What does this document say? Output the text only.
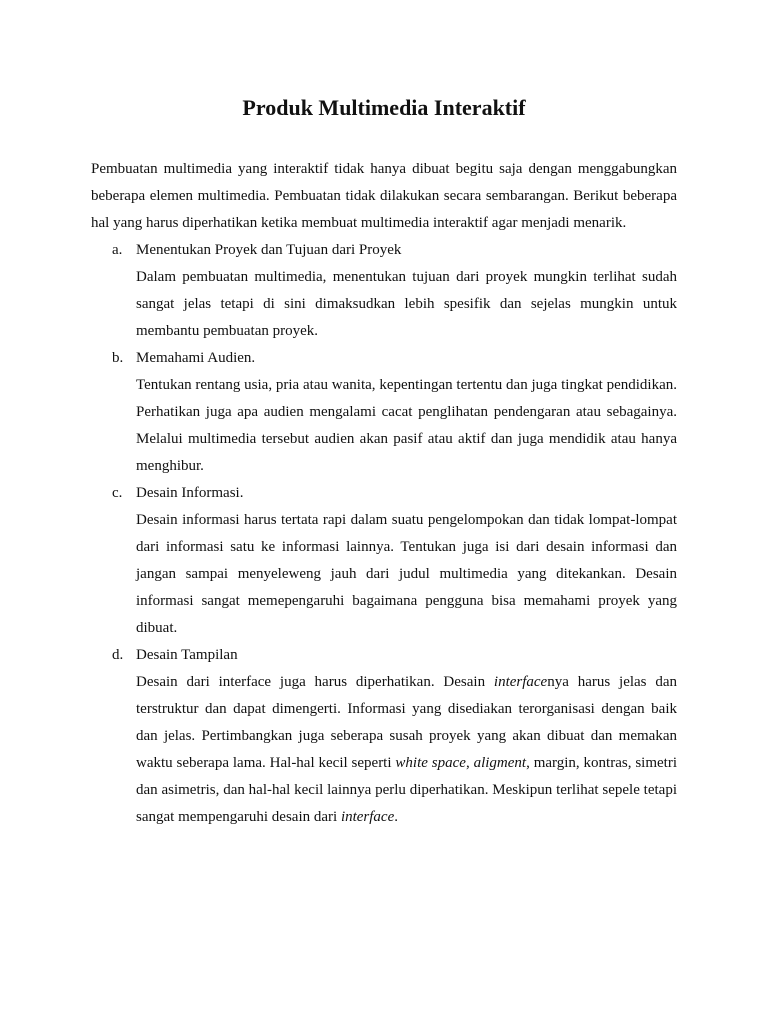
Produk Multimedia Interaktif

Pembuatan multimedia yang interaktif tidak hanya dibuat begitu saja dengan menggabungkan beberapa elemen multimedia. Pembuatan tidak dilakukan secara sembarangan. Berikut beberapa hal yang harus diperhatikan ketika membuat multimedia interaktif agar menjadi menarik.

a. Menentukan Proyek dan Tujuan dari Proyek
Dalam pembuatan multimedia, menentukan tujuan dari proyek mungkin terlihat sudah sangat jelas tetapi di sini dimaksudkan lebih spesifik dan sejelas mungkin untuk membantu pembuatan proyek.
b. Memahami Audien.
Tentukan rentang usia, pria atau wanita, kepentingan tertentu dan juga tingkat pendidikan. Perhatikan juga apa audien mengalami cacat penglihatan pendengaran atau sebagainya. Melalui multimedia tersebut audien akan pasif atau aktif dan juga mendidik atau hanya menghibur.
c. Desain Informasi.
Desain informasi harus tertata rapi dalam suatu pengelompokan dan tidak lompat-lompat dari informasi satu ke informasi lainnya. Tentukan juga isi dari desain informasi dan jangan sampai menyeleweng jauh dari judul multimedia yang ditekankan. Desain informasi sangat memepengaruhi bagaimana pengguna bisa memahami proyek yang dibuat.
d. Desain Tampilan
Desain dari interface juga harus diperhatikan. Desain interfacenya harus jelas dan terstruktur dan dapat dimengerti. Informasi yang disediakan terorganisasi dengan baik dan jelas. Pertimbangkan juga seberapa susah proyek yang akan dibuat dan memakan waktu seberapa lama. Hal-hal kecil seperti white space, aligment, margin, kontras, simetri dan asimetris, dan hal-hal kecil lainnya perlu diperhatikan. Meskipun terlihat sepele tetapi sangat mempengaruhi desain dari interface.
